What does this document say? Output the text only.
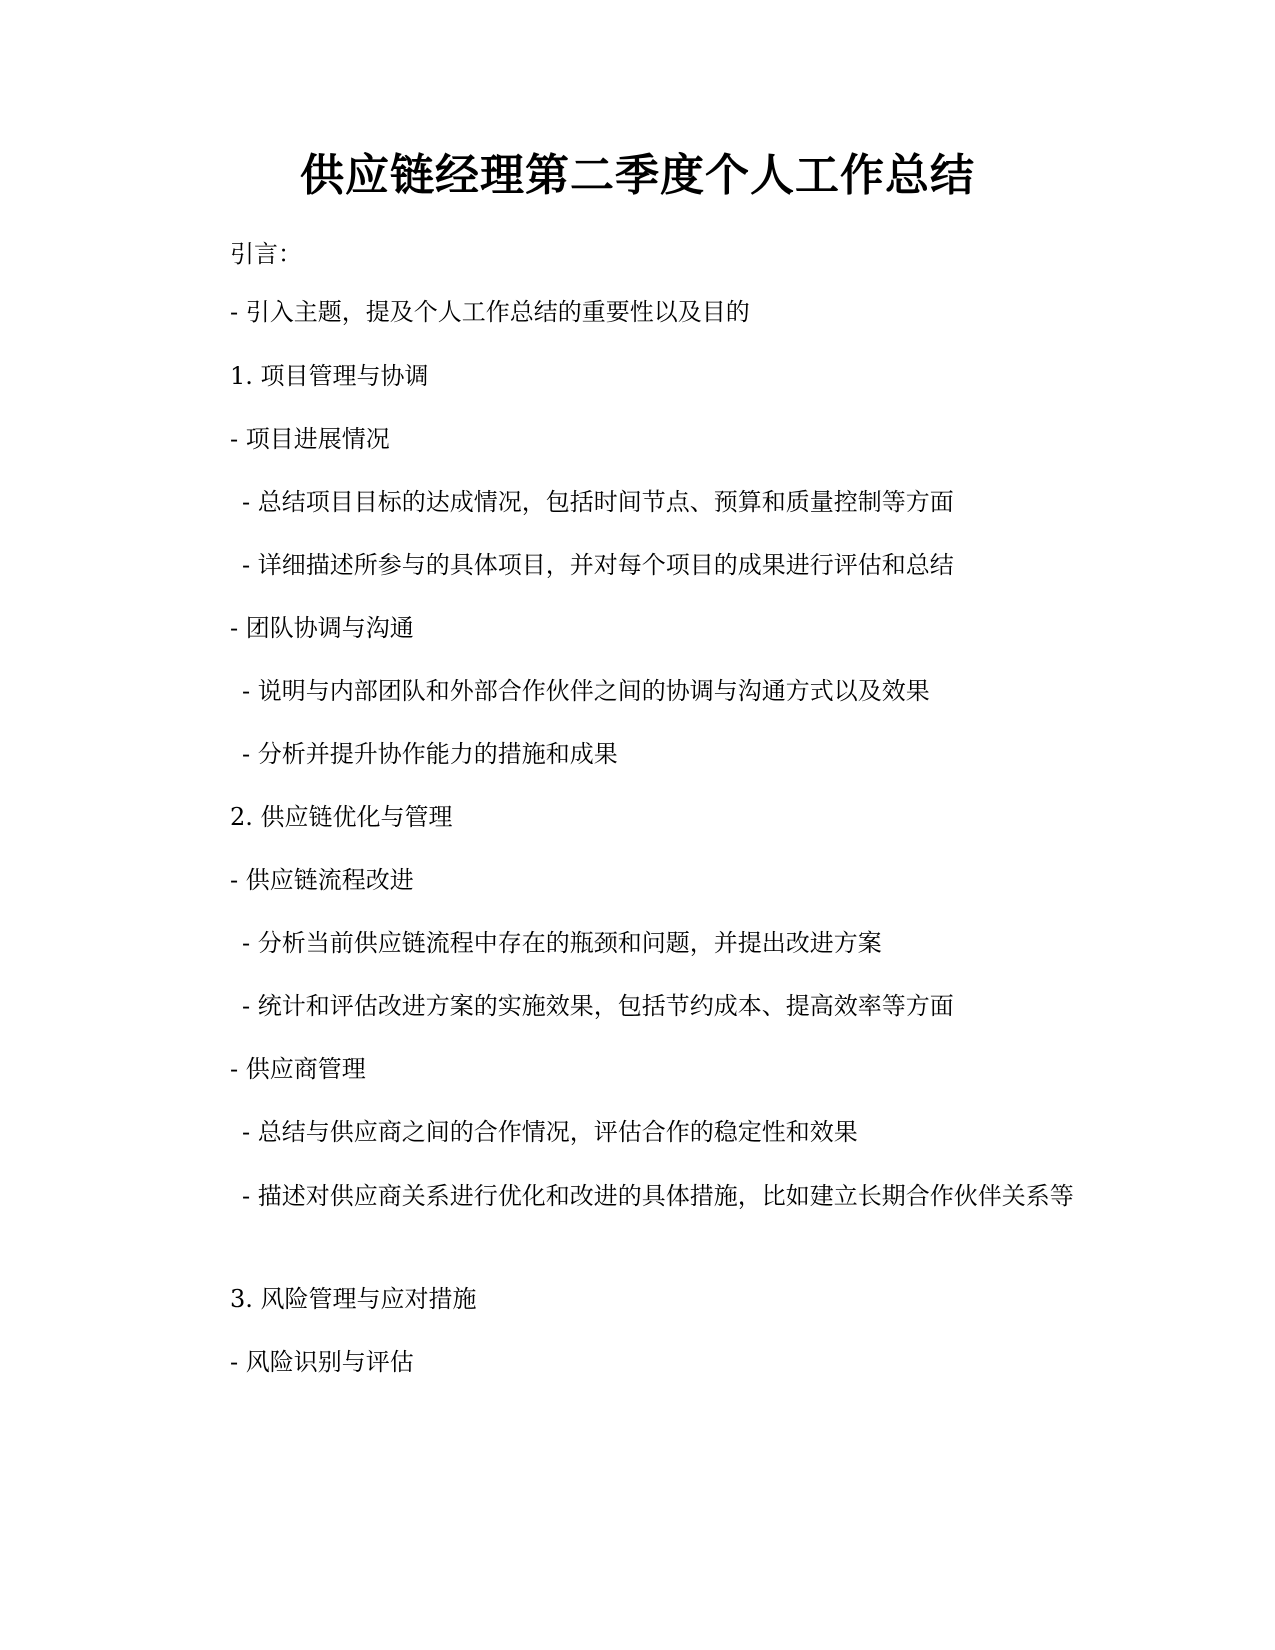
供应链经理第二季度个人工作总结
引言：
- 引入主题，提及个人工作总结的重要性以及目的
1. 项目管理与协调
- 项目进展情况
- 总结项目目标的达成情况，包括时间节点、预算和质量控制等方面
- 详细描述所参与的具体项目，并对每个项目的成果进行评估和总结
- 团队协调与沟通
- 说明与内部团队和外部合作伙伴之间的协调与沟通方式以及效果
- 分析并提升协作能力的措施和成果
2. 供应链优化与管理
- 供应链流程改进
- 分析当前供应链流程中存在的瓶颈和问题，并提出改进方案
- 统计和评估改进方案的实施效果，包括节约成本、提高效率等方面
- 供应商管理
- 总结与供应商之间的合作情况，评估合作的稳定性和效果
- 描述对供应商关系进行优化和改进的具体措施，比如建立长期合作伙伴关系等
3. 风险管理与应对措施
- 风险识别与评估
